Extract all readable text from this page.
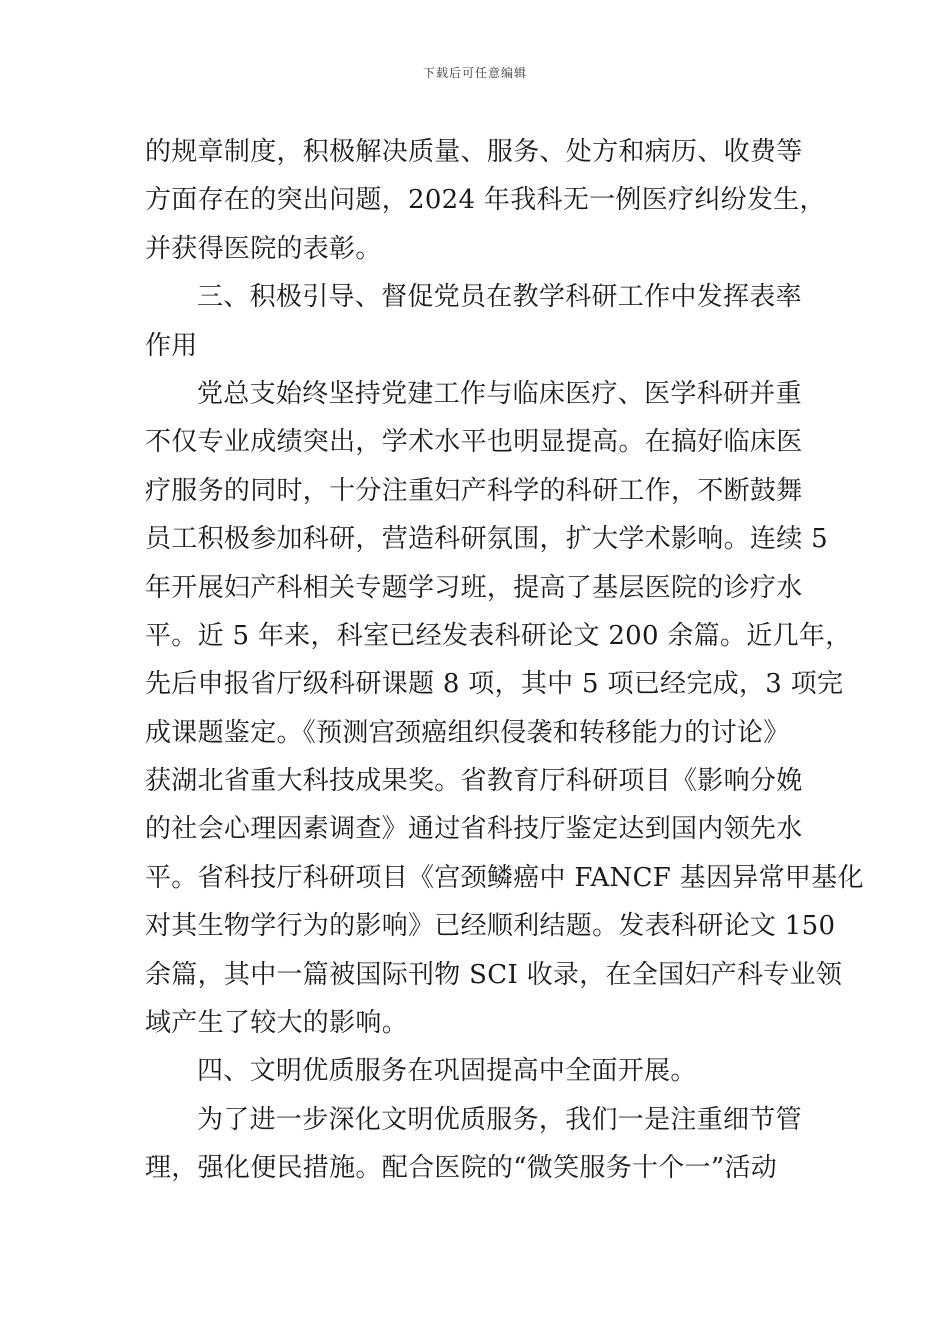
下载后可任意编辑
的规章制度，积极解决质量、服务、处方和病历、收费等
方面存在的突出问题，2024 年我科无一例医疗纠纷发生，
并获得医院的表彰。
三、积极引导、督促党员在教学科研工作中发挥表率
作用
党总支始终坚持党建工作与临床医疗、医学科研并重
不仅专业成绩突出，学术水平也明显提高。在搞好临床医
疗服务的同时，十分注重妇产科学的科研工作，不断鼓舞
员工积极参加科研，营造科研氛围，扩大学术影响。连续 5
年开展妇产科相关专题学习班，提高了基层医院的诊疗水
平。近 5 年来，科室已经发表科研论文 200 余篇。近几年，
先后申报省厅级科研课题 8 项，其中 5 项已经完成，3 项完
成课题鉴定。《预测宫颈癌组织侵袭和转移能力的讨论》
获湖北省重大科技成果奖。省教育厅科研项目《影响分娩
的社会心理因素调查》通过省科技厅鉴定达到国内领先水
平。省科技厅科研项目《宫颈鳞癌中 FANCF 基因异常甲基化
对其生物学行为的影响》已经顺利结题。发表科研论文 150
余篇，其中一篇被国际刊物 SCI 收录，在全国妇产科专业领
域产生了较大的影响。
四、文明优质服务在巩固提高中全面开展。
为了进一步深化文明优质服务，我们一是注重细节管
理，强化便民措施。配合医院的“微笑服务十个一”活动
